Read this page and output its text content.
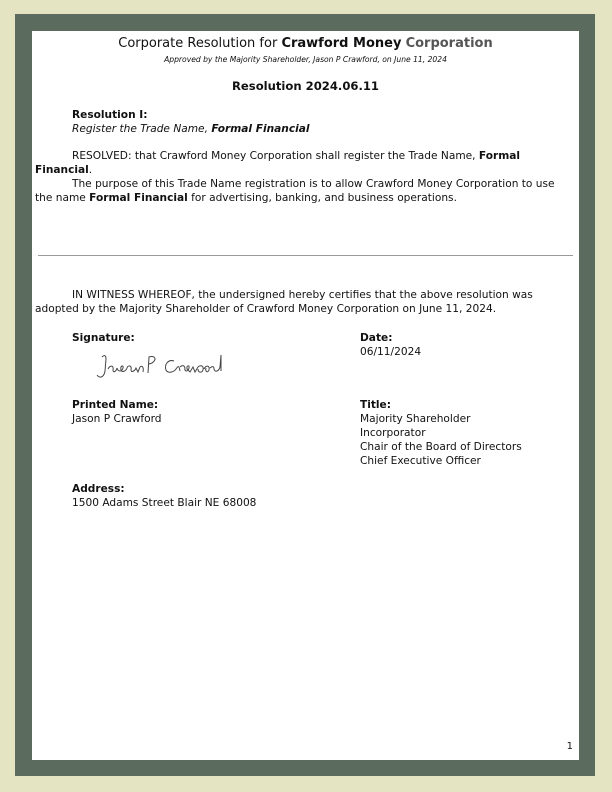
Corporate Resolution for Crawford Money Corporation
Approved by the Majority Shareholder, Jason P Crawford, on June 11, 2024
Resolution 2024.06.11
Resolution I:
Register the Trade Name, Formal Financial
RESOLVED: that Crawford Money Corporation shall register the Trade Name, Formal Financial.
The purpose of this Trade Name registration is to allow Crawford Money Corporation to use the name Formal Financial for advertising, banking, and business operations.
IN WITNESS WHEREOF, the undersigned hereby certifies that the above resolution was adopted by the Majority Shareholder of Crawford Money Corporation on June 11, 2024.
Signature:	Date:
06/11/2024
Printed Name:
Jason P Crawford
Title:
Majority Shareholder
Incorporator
Chair of the Board of Directors
Chief Executive Officer
Address:
1500 Adams Street Blair NE 68008
1
